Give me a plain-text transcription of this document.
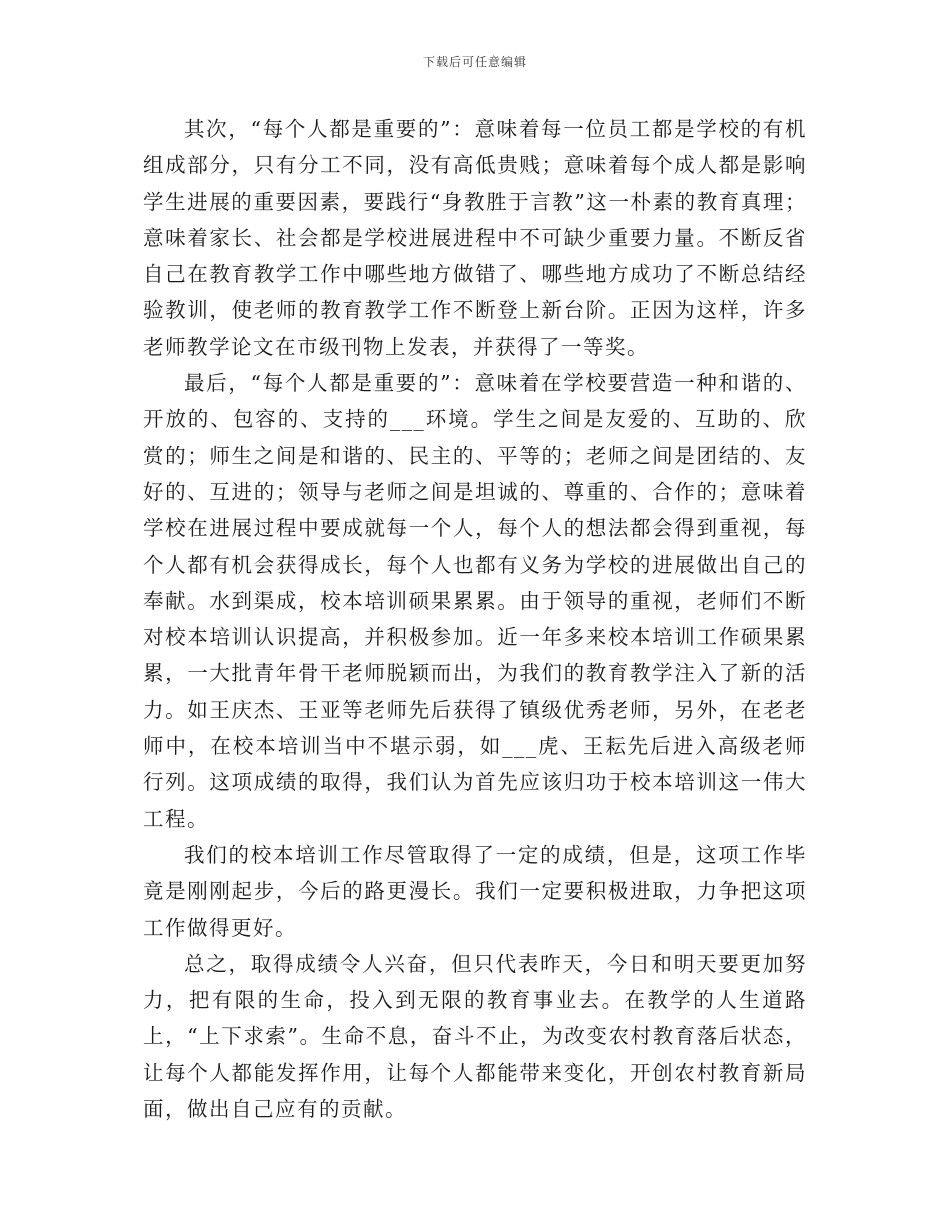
下载后可任意编辑

其次，“每个人都是重要的”：意味着每一位员工都是学校的有机组成部分，只有分工不同，没有高低贵贱；意味着每个成人都是影响学生进展的重要因素，要践行“身教胜于言教”这一朴素的教育真理；意味着家长、社会都是学校进展进程中不可缺少重要力量。不断反省自己在教育教学工作中哪些地方做错了、哪些地方成功了不断总结经验教训，使老师的教育教学工作不断登上新台阶。正因为这样，许多老师教学论文在市级刊物上发表，并获得了一等奖。

最后，“每个人都是重要的”：意味着在学校要营造一种和谐的、开放的、包容的、支持的___环境。学生之间是友爱的、互助的、欣赏的；师生之间是和谐的、民主的、平等的；老师之间是团结的、友好的、互进的；领导与老师之间是坦诚的、尊重的、合作的；意味着学校在进展过程中要成就每一个人，每个人的想法都会得到重视，每个人都有机会获得成长，每个人也都有义务为学校的进展做出自己的奉献。水到渠成，校本培训硕果累累。由于领导的重视，老师们不断对校本培训认识提高，并积极参加。近一年多来校本培训工作硕果累累，一大批青年骨干老师脱颖而出，为我们的教育教学注入了新的活力。如王庆杰、王亚等老师先后获得了镇级优秀老师，另外，在老老师中，在校本培训当中不堪示弱，如___虎、王耘先后进入高级老师行列。这项成绩的取得，我们认为首先应该归功于校本培训这一伟大工程。

我们的校本培训工作尽管取得了一定的成绩，但是，这项工作毕竟是刚刚起步，今后的路更漫长。我们一定要积极进取，力争把这项工作做得更好。

总之，取得成绩令人兴奋，但只代表昨天，今日和明天要更加努力，把有限的生命，投入到无限的教育事业去。在教学的人生道路上，“上下求索”。生命不息，奋斗不止，为改变农村教育落后状态，让每个人都能发挥作用，让每个人都能带来变化，开创农村教育新局面，做出自己应有的贡献。
